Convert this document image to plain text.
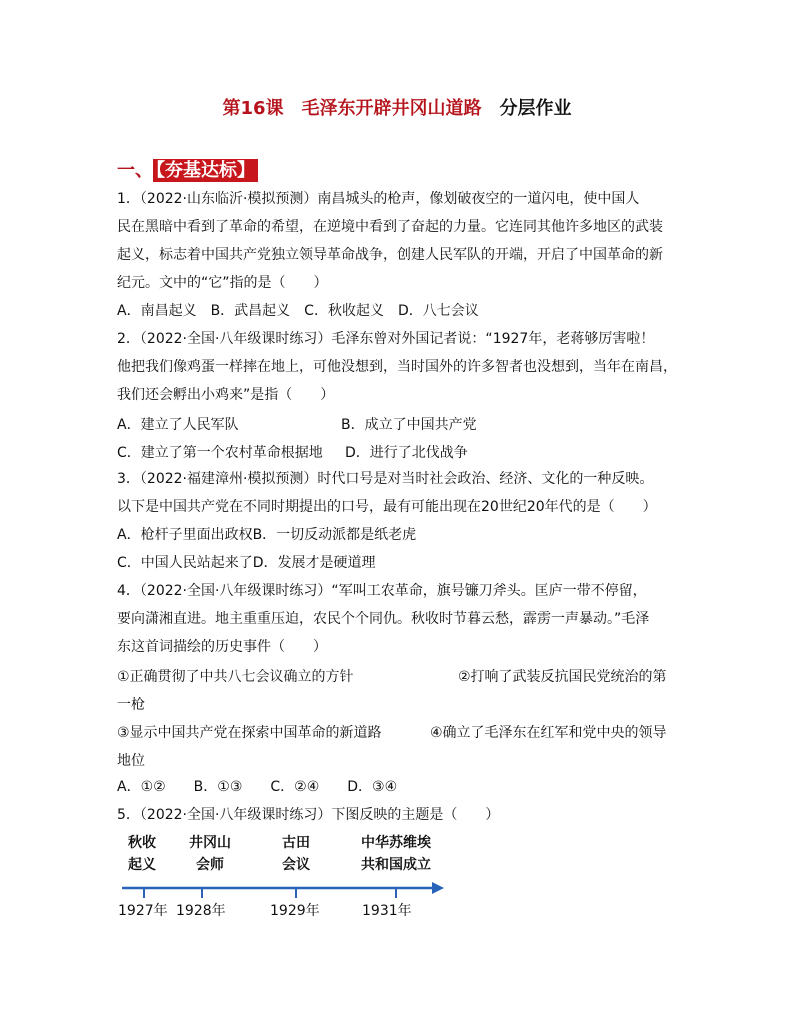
第16课　毛泽东开辟井冈山道路 分层作业
一、 【夯基达标】
1．（2022·山东临沂·模拟预测）南昌城头的枪声，像划破夜空的一道闪电，使中国人
民在黑暗中看到了革命的希望，在逆境中看到了奋起的力量。它连同其他许多地区的武装
起义，标志着中国共产党独立领导革命战争，创建人民军队的开端，开启了中国革命的新
纪元。文中的“它”指的是（　　）
A．南昌起义　B．武昌起义　C．秋收起义　D．八七会议
2．（2022·全国·八年级课时练习）毛泽东曾对外国记者说：“1927年，老蒋够厉害啦！
他把我们像鸡蛋一样摔在地上，可他没想到，当时国外的许多智者也没想到，当年在南昌，
我们还会孵出小鸡来”是指（　　）
A．建立了人民军队	B．成立了中国共产党
C．建立了第一个农村革命根据地 D．进行了北伐战争
3．（2022·福建漳州·模拟预测）时代口号是对当时社会政治、经济、文化的一种反映。
以下是中国共产党在不同时期提出的口号，最有可能出现在20世纪20年代的是（　　）
A．枪杆子里面出政权B．一切反动派都是纸老虎
C．中国人民站起来了D．发展才是硬道理
4．（2022·全国·八年级课时练习）“军叫工农革命，旗号镰刀斧头。匡庐一带不停留，
要向潇湘直进。地主重重压迫，农民个个同仇。秋收时节暮云愁，霹雳一声暴动。”毛泽
东这首词描绘的历史事件（　　）
①正确贯彻了中共八七会议确立的方针	②打响了武装反抗国民党统治的第
一枪
③显示中国共产党在探索中国革命的新道路	④确立了毛泽东在红军和党中央的领导
地位
A．①②　　B．①③　　C．②④　　D．③④
5．（2022·全国·八年级课时练习）下图反映的主题是（　　）
秋收
起义
井冈山
会师
古田
会议
中华苏维埃
共和国成立
1927年 1928年	1929年	1931年
